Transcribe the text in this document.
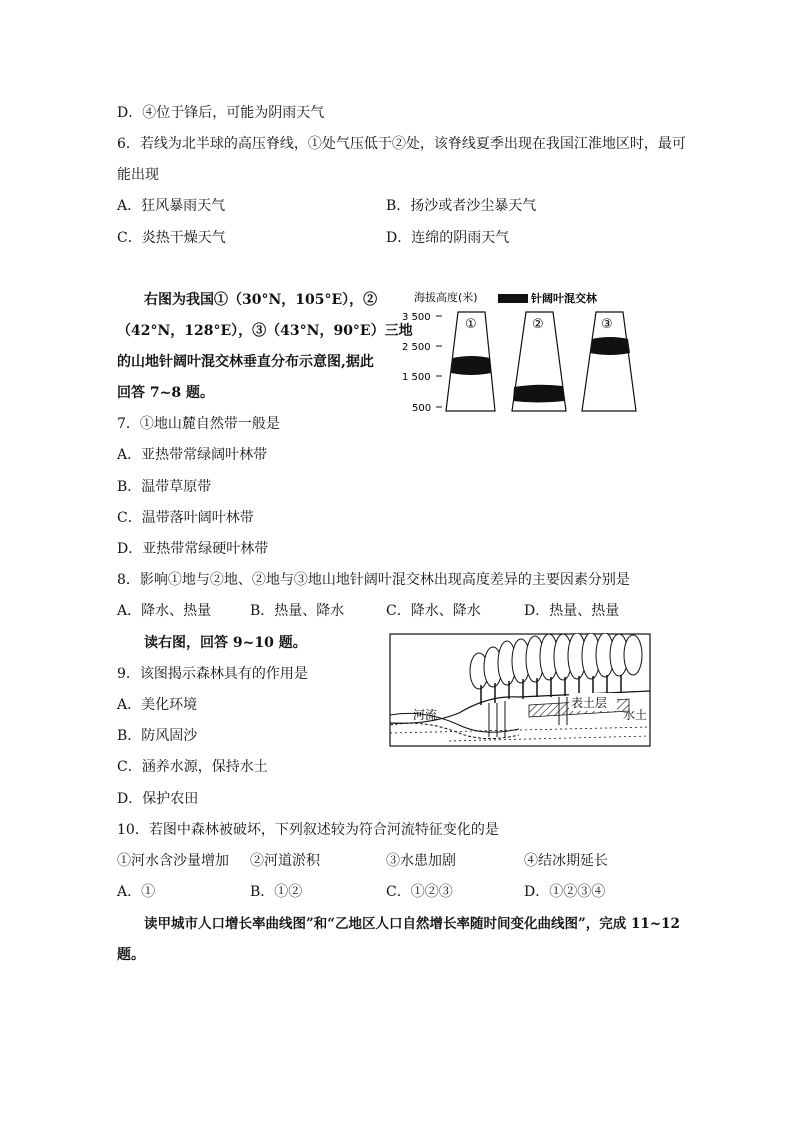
D．④位于锋后，可能为阴雨天气
6．若线为北半球的高压脊线，①处气压低于②处，该脊线夏季出现在我国江淮地区时，最可
能出现
A．狂风暴雨天气	B．扬沙或者沙尘暴天气
C．炎热干燥天气	D．连绵的阴雨天气
右图为我国①（30°N，105°E），②
（42°N，128°E），③（43°N，90°E）三地
的山地针阔叶混交林垂直分布示意图,据此
回答 7~8 题。
海拔高度(米)	针阔叶混交林
3 500
2 500
1 500
500
①	②	③
7．①地山麓自然带一般是
A．亚热带常绿阔叶林带
B．温带草原带
C．温带落叶阔叶林带
D．亚热带常绿硬叶林带
8．影响①地与②地、②地与③地山地针阔叶混交林出现高度差异的主要因素分别是
A．降水、热量	B．热量、降水	C．降水、降水	D．热量、热量
读右图，回答 9~10 题。
河流
表土层
水土
9．该图揭示森林具有的作用是
A．美化环境
B．防风固沙
C．涵养水源，保持水土
D．保护农田
10．若图中森林被破坏，下列叙述较为符合河流特征变化的是
①河水含沙量增加 ②河道淤积	③水患加剧	④结冰期延长
A．①	B．①②	C．①②③	D．①②③④
读甲城市人口增长率曲线图”和“乙地区人口自然增长率随时间变化曲线图”，完成 11~12
题。
